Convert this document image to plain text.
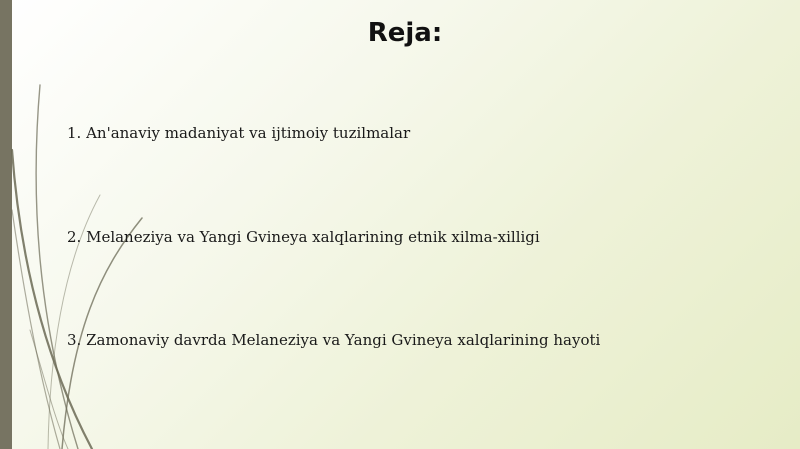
Reja:

1. An'anaviy madaniyat va ijtimoiy tuzilmalar

2. Melaneziya va Yangi Gvineya xalqlarining etnik xilma-xilligi

3. Zamonaviy davrda Melaneziya va Yangi Gvineya xalqlarining hayoti
